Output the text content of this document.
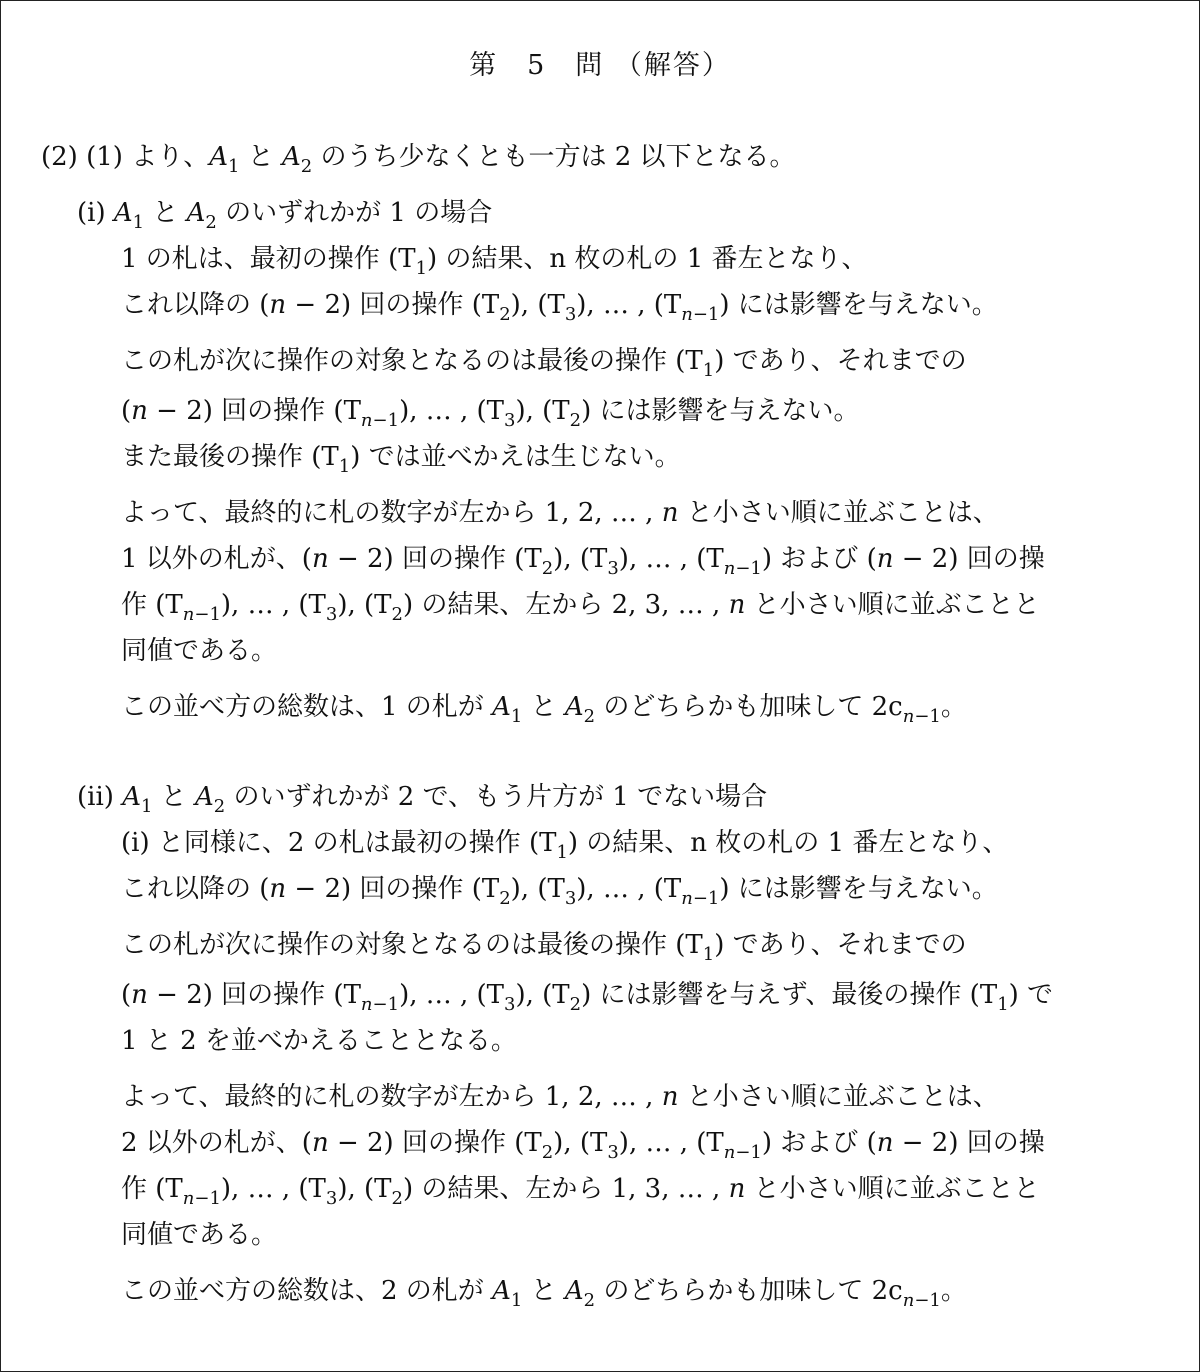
第　5　問 （解答）
(2) (1) より、$A_1$ と $A_2$ のうち少なくとも一方は 2 以下となる。
(i) $A_1$ と $A_2$ のいずれかが 1 の場合
1 の札は、最初の操作 $(T_1)$ の結果、n 枚の札の 1 番左となり、
これ以降の (n − 2) 回の操作 $(T_2)$, $(T_3)$, … , $(T_{n-1})$ には影響を与えない。
この札が次に操作の対象となるのは最後の操作 $(T_1)$ であり、それまでの
(n − 2) 回の操作 $(T_{n-1})$, … , $(T_3)$, $(T_2)$ には影響を与えない。
また最後の操作 $(T_1)$ では並べかえは生じない。
よって、最終的に札の数字が左から 1, 2, … , n と小さい順に並ぶことは、
1 以外の札が、(n − 2) 回の操作 $(T_2)$, $(T_3)$, … , $(T_{n-1})$ および (n − 2) 回の操
作 $(T_{n-1})$, … , $(T_3)$, $(T_2)$ の結果、左から 2, 3, … , n と小さい順に並ぶことと
同値である。
この並べ方の総数は、1 の札が $A_1$ と $A_2$ のどちらかも加味して $2c_{n-1}$。
(ii) $A_1$ と $A_2$ のいずれかが 2 で、もう片方が 1 でない場合
(i) と同様に、2 の札は最初の操作 $(T_1)$ の結果、n 枚の札の 1 番左となり、
これ以降の (n − 2) 回の操作 $(T_2)$, $(T_3)$, … , $(T_{n-1})$ には影響を与えない。
この札が次に操作の対象となるのは最後の操作 $(T_1)$ であり、それまでの
(n − 2) 回の操作 $(T_{n-1})$, … , $(T_3)$, $(T_2)$ には影響を与えず、最後の操作 $(T_1)$ で
1 と 2 を並べかえることとなる。
よって、最終的に札の数字が左から 1, 2, … , n と小さい順に並ぶことは、
2 以外の札が、(n − 2) 回の操作 $(T_2)$, $(T_3)$, … , $(T_{n-1})$ および (n − 2) 回の操
作 $(T_{n-1})$, … , $(T_3)$, $(T_2)$ の結果、左から 1, 3, … , n と小さい順に並ぶことと
同値である。
この並べ方の総数は、2 の札が $A_1$ と $A_2$ のどちらかも加味して $2c_{n-1}$。
